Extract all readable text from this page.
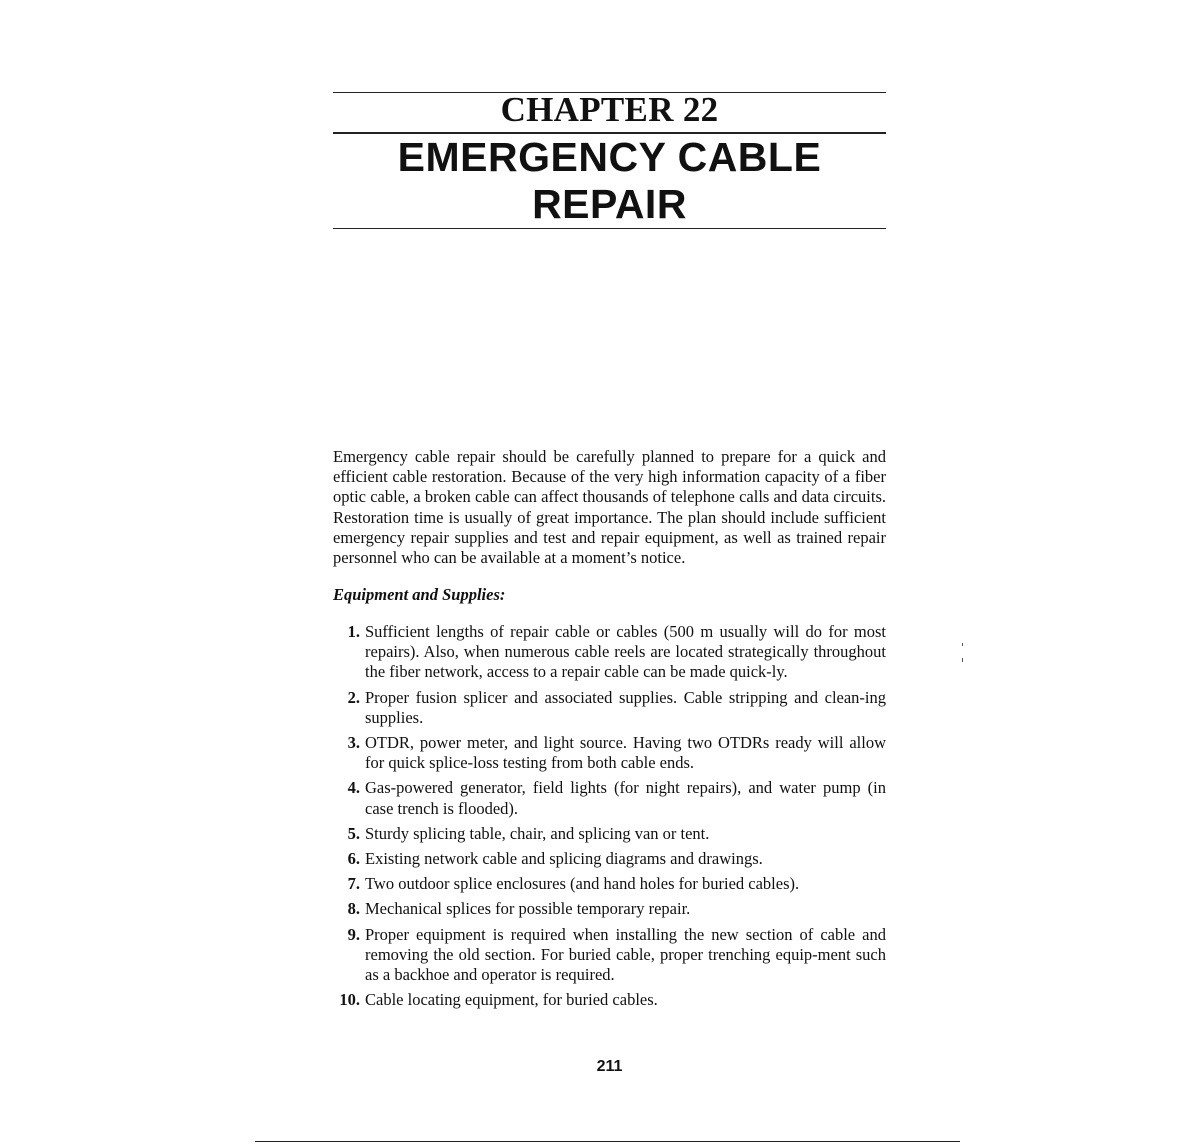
CHAPTER 22
EMERGENCY CABLE
REPAIR

Emergency cable repair should be carefully planned to prepare for a quick and efficient cable restoration. Because of the very high information capacity of a fiber optic cable, a broken cable can affect thousands of telephone calls and data circuits. Restoration time is usually of great importance. The plan should include sufficient emergency repair supplies and test and repair equipment, as well as trained repair personnel who can be available at a moment’s notice.

Equipment and Supplies:

1. Sufficient lengths of repair cable or cables (500 m usually will do for most repairs). Also, when numerous cable reels are located strategically throughout the fiber network, access to a repair cable can be made quick-ly.
2. Proper fusion splicer and associated supplies. Cable stripping and clean-ing supplies.
3. OTDR, power meter, and light source. Having two OTDRs ready will allow for quick splice-loss testing from both cable ends.
4. Gas-powered generator, field lights (for night repairs), and water pump (in case trench is flooded).
5. Sturdy splicing table, chair, and splicing van or tent.
6. Existing network cable and splicing diagrams and drawings.
7. Two outdoor splice enclosures (and hand holes for buried cables).
8. Mechanical splices for possible temporary repair.
9. Proper equipment is required when installing the new section of cable and removing the old section. For buried cable, proper trenching equip-ment such as a backhoe and operator is required.
10. Cable locating equipment, for buried cables.
211
